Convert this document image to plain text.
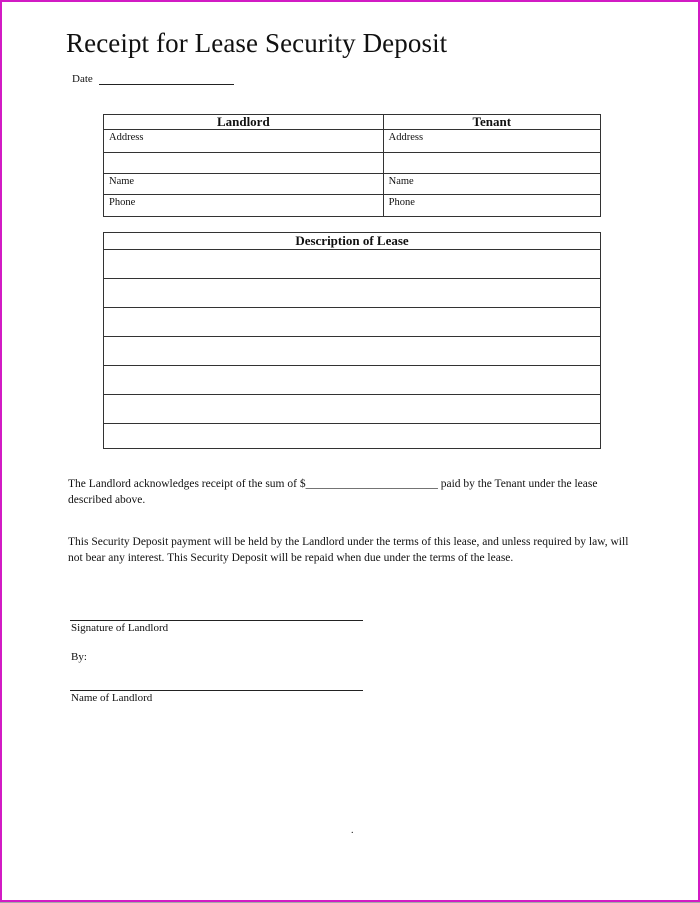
Receipt for Lease Security Deposit
Date
Landlord	Tenant

Address	Address

Name	Name

Phone	Phone
Description of Lease
The Landlord acknowledges receipt of the sum of $_______________________ paid by the Tenant under the lease described above.
This Security Deposit payment will be held by the Landlord under the terms of this lease, and unless required by law, will not bear any interest. This Security Deposit will be repaid when due under the terms of the lease.
Signature of Landlord
By:
Name of Landlord
.
